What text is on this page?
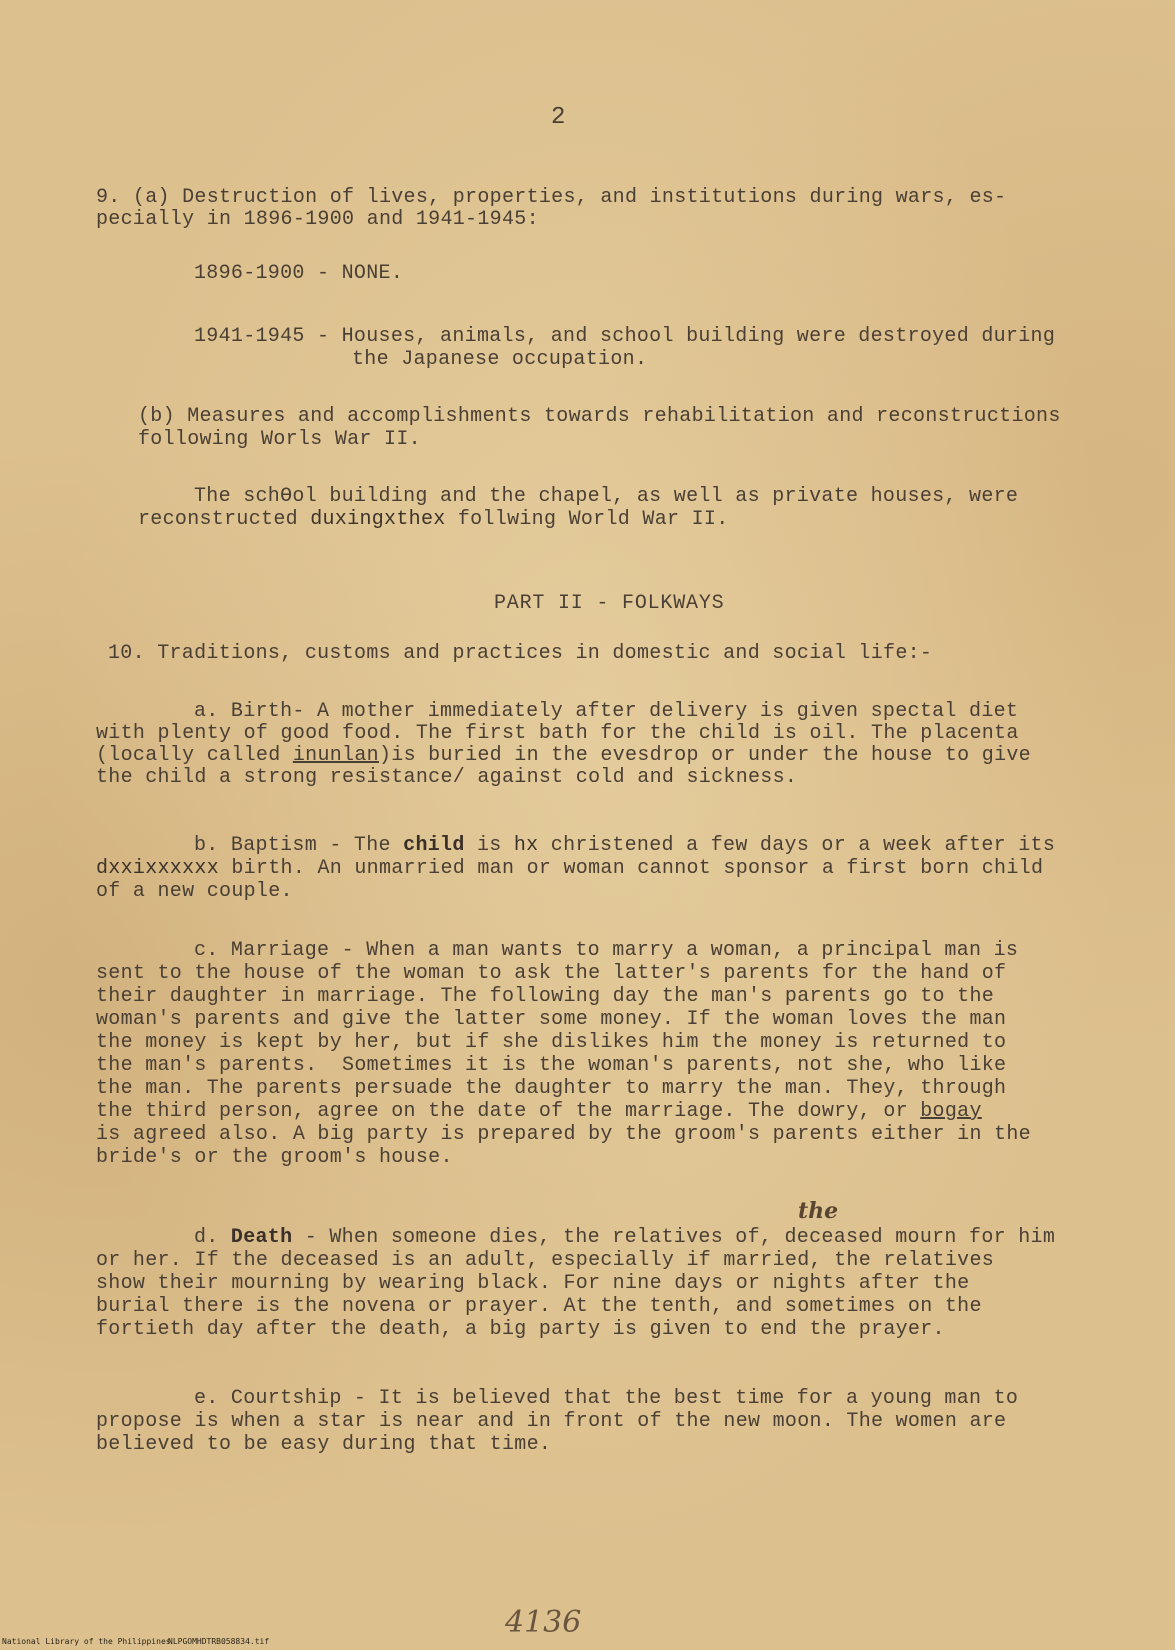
2
9. (a) Destruction of lives, properties, and institutions during wars, es-
pecially in 1896-1900 and 1941-1945:
1896-1900 - NONE.
1941-1945 - Houses, animals, and school building were destroyed during
the Japanese occupation.
(b) Measures and accomplishments towards rehabilitation and reconstructions
following Worls War II.
The schƟol building and the chapel, as well as private houses, were
reconstructed duxingxthex follwing World War II.
PART II - FOLKWAYS
10. Traditions, customs and practices in domestic and social life:-
a. Birth- A mother immediately after delivery is given spectal diet
with plenty of good food. The first bath for the child is oil. The placenta
(locally called inunlan)is buried in the evesdrop or under the house to give
the child a strong resistance/ against cold and sickness.
b. Baptism - The child is hx christened a few days or a week after its
dxxixxxxxx birth. An unmarried man or woman cannot sponsor a first born child
of a new couple.
c. Marriage - When a man wants to marry a woman, a principal man is
sent to the house of the woman to ask the latter's parents for the hand of
their daughter in marriage. The following day the man's parents go to the
woman's parents and give the latter some money. If the woman loves the man
the money is kept by her, but if she dislikes him the money is returned to
the man's parents.  Sometimes it is the woman's parents, not she, who like
the man. The parents persuade the daughter to marry the man. They, through
the third person, agree on the date of the marriage. The dowry, or bogay
is agreed also. A big party is prepared by the groom's parents either in the
bride's or the groom's house.
the
d. Death - When someone dies, the relatives of, deceased mourn for him
or her. If the deceased is an adult, especially if married, the relatives
show their mourning by wearing black. For nine days or nights after the
burial there is the novena or prayer. At the tenth, and sometimes on the
fortieth day after the death, a big party is given to end the prayer.
e. Courtship - It is believed that the best time for a young man to
propose is when a star is near and in front of the new moon. The women are
believed to be easy during that time.
4136
National Library of the Philippines
NLPGOMHDTRB058834.tif
